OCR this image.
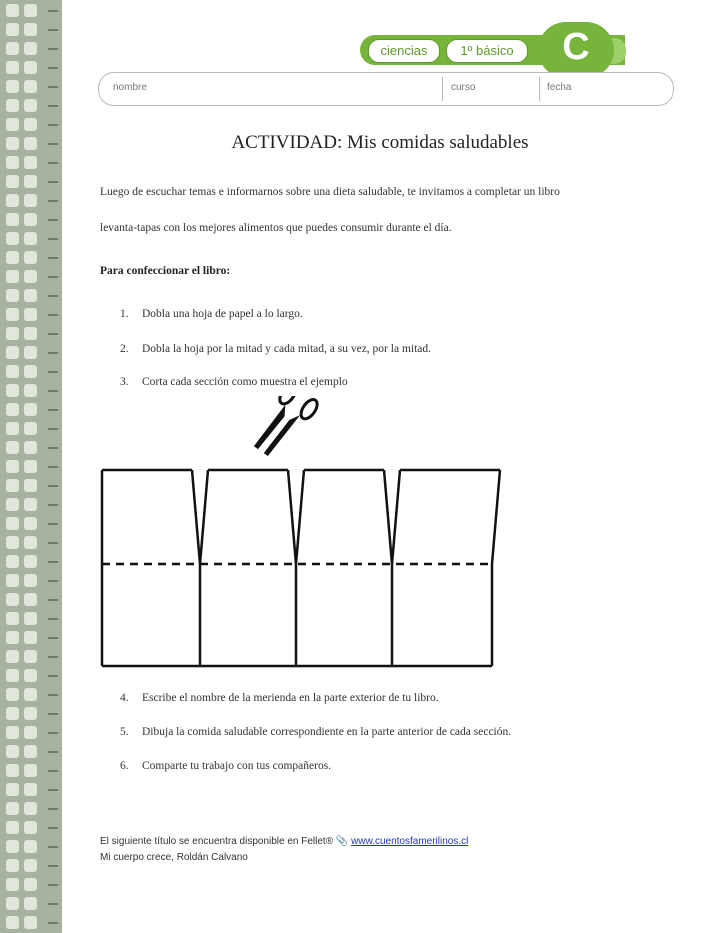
ciencias	1º básico	C
nombre	curso	fecha
ACTIVIDAD: Mis comidas saludables
Luego de escuchar temas e informarnos sobre una dieta saludable, te invitamos a completar un libro
levanta-tapas con los mejores alimentos que puedes consumir durante el día.
Para confeccionar el libro:
1. Dobla una hoja de papel a lo largo.
2. Dobla la hoja por la mitad y cada mitad, a su vez, por la mitad.
3. Corta cada sección como muestra el ejemplo
4. Escribe el nombre de la merienda en la parte exterior de tu libro.
5. Dibuja la comida saludable correspondiente en la parte anterior de cada sección.
6. Comparte tu trabajo con tus compañeros.
El siguiente título se encuentra disponible en Fellet® 📎 www.cuentosfamerilinos.cl
Mi cuerpo crece, Roldán Calvano
